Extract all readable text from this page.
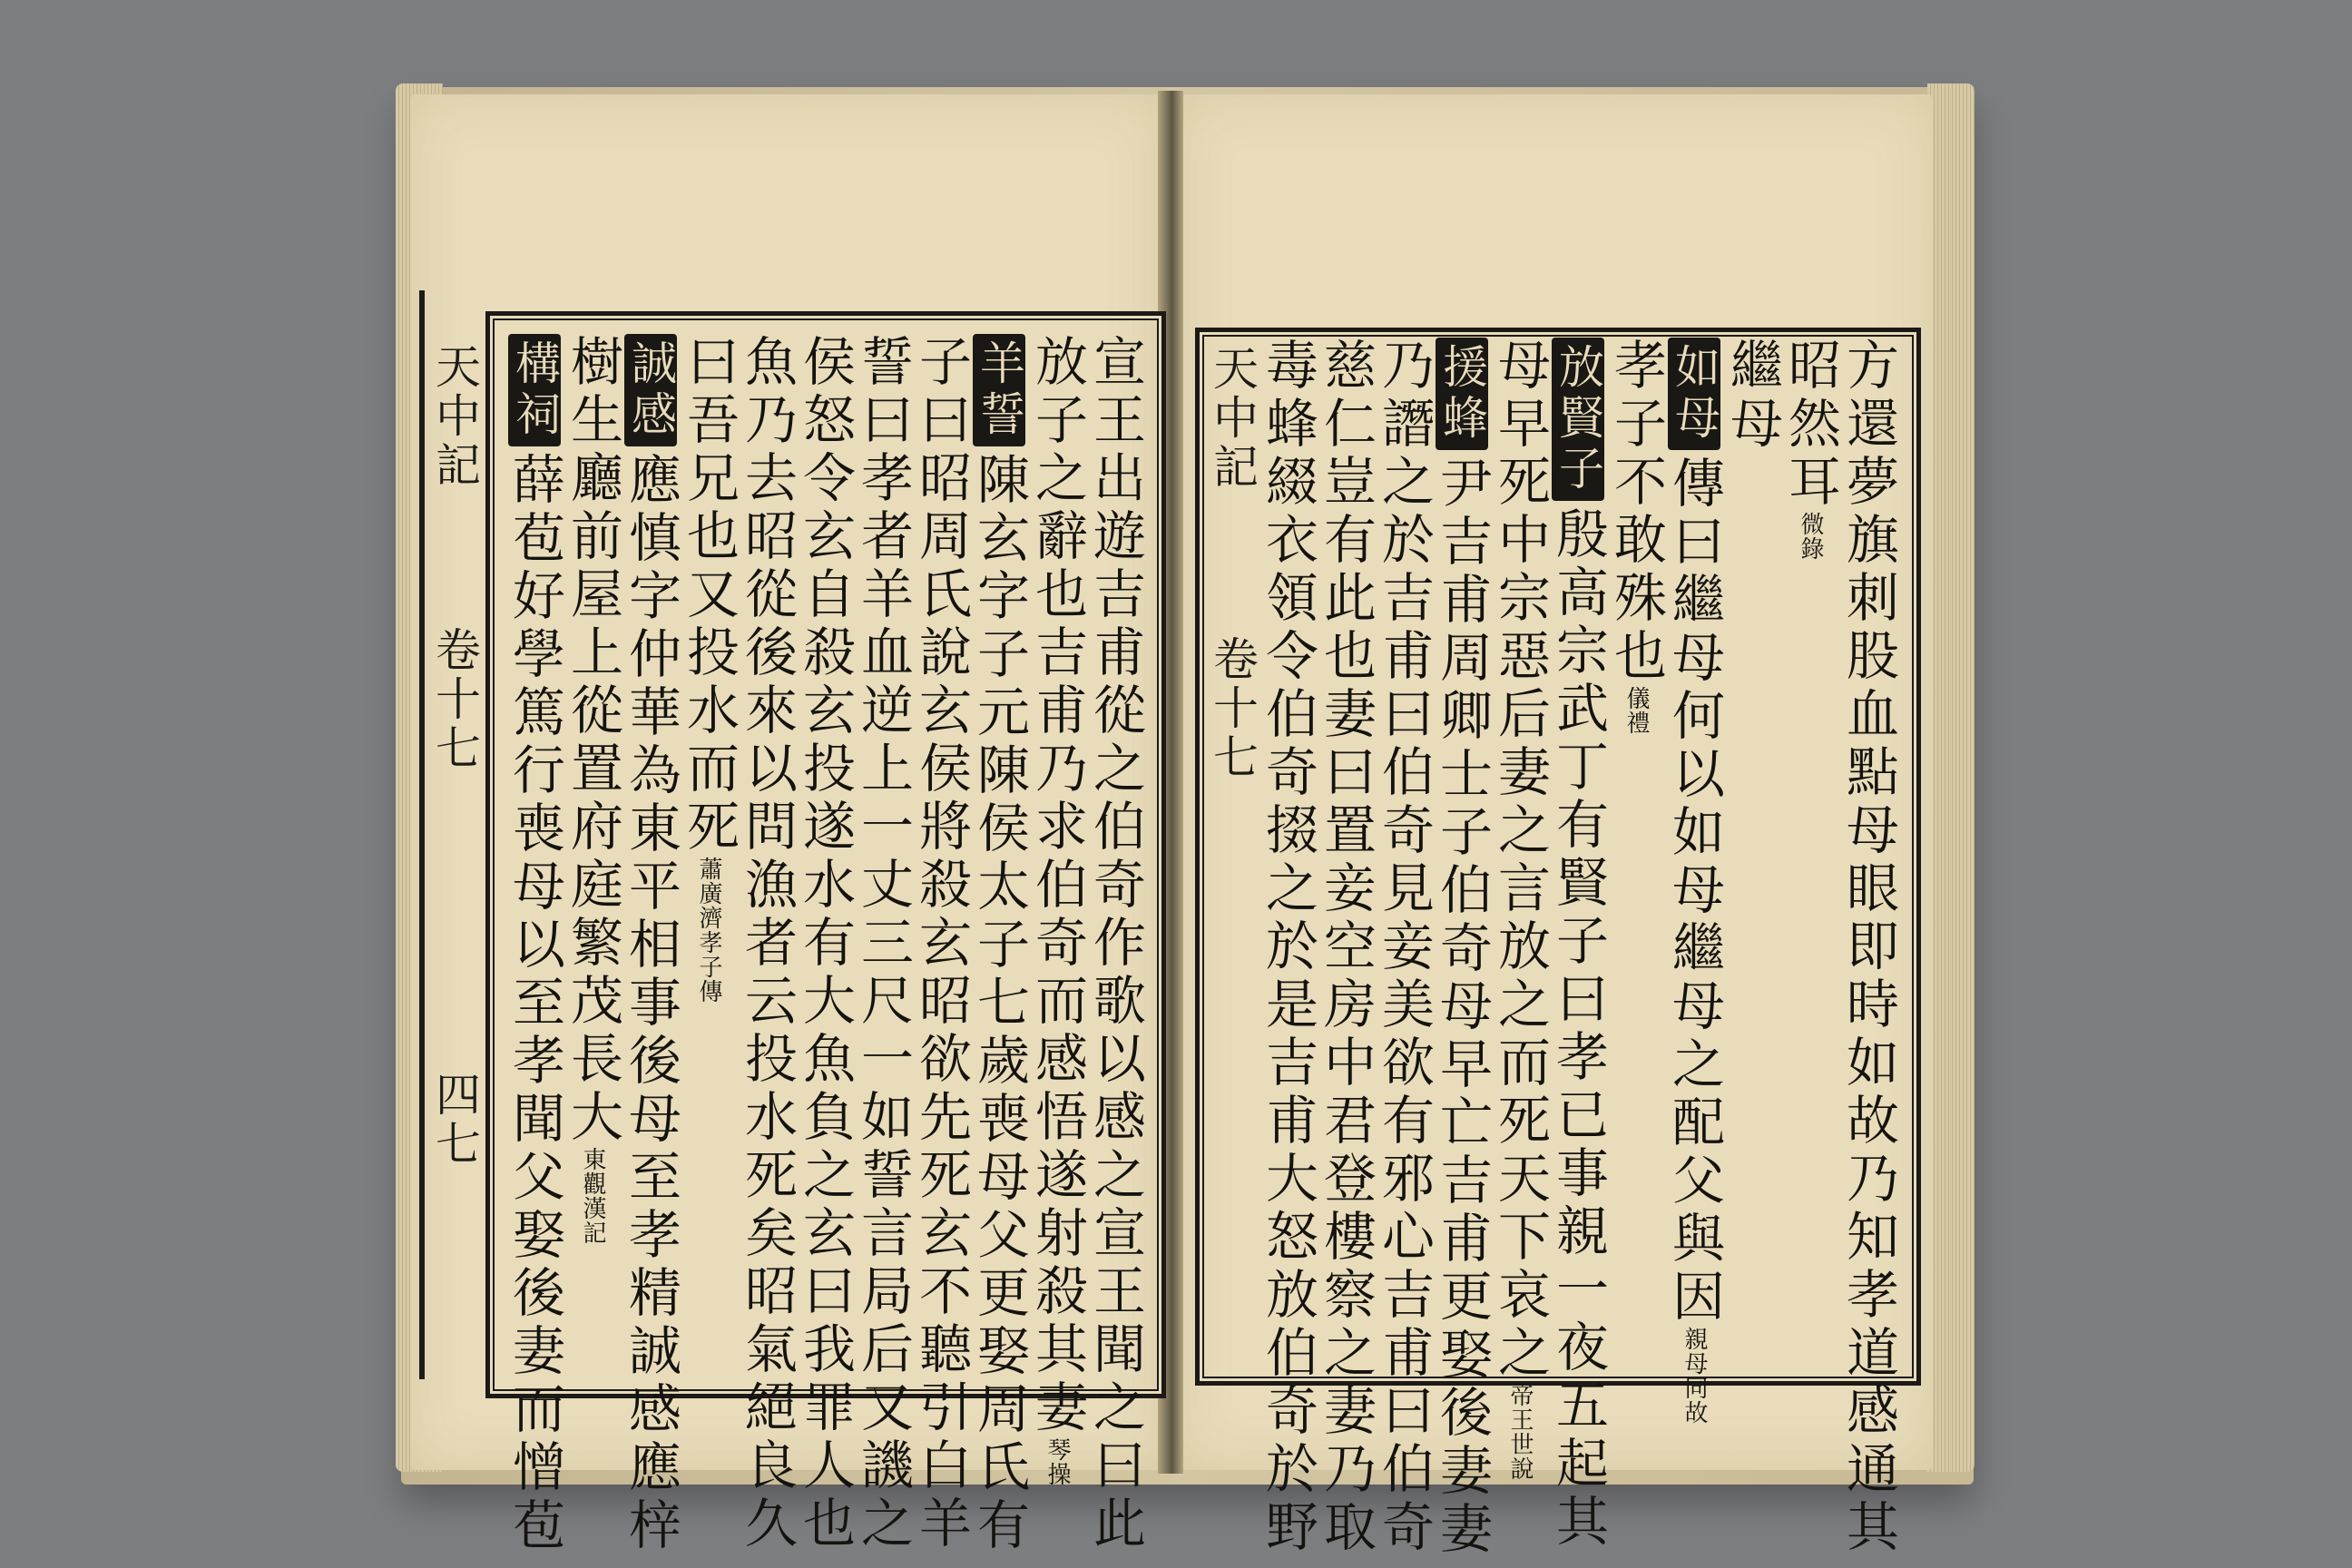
天中記
卷十七
四七
天中記
卷十七
宣王出遊吉甫從之伯奇作歌以感之宣王聞之曰此
放子之辭也吉甫乃求伯奇而感悟遂射殺其妻琴操
羊誓陳玄字子元陳侯太子七歲喪母父更娶周氏有
子曰昭周氏說玄侯將殺玄昭欲先死玄不聽引白羊
誓曰孝者羊血逆上一丈三尺一如誓言局后又譏之
侯怒令玄自殺玄投遂水有大魚負之玄曰我罪人也
魚乃去昭從後來以問漁者云投水死矣昭氣絕良久
曰吾兄也又投水而死蕭廣濟孝子傳
誠感應慎字仲華為東平相事後母至孝精誠感應梓
樹生廳前屋上從置府庭繁茂長大東觀漢記
構祠薛苞好學篤行喪母以至孝聞父娶後妻而憎苞	方還夢旗刺股血點母眼即時如故乃知孝道感通其
昭然耳微錄
繼母
如母傳曰繼母何以如母繼母之配父與因親母同故
孝子不敢殊也儀禮
放賢子殷高宗武丁有賢子曰孝已事親一夜五起其
母早死中宗惡后妻之言放之而死天下哀之帝王世說
援蜂尹吉甫周卿士子伯奇母早亡吉甫更娶後妻妻
乃譖之於吉甫曰伯奇見妾美欲有邪心吉甫曰伯奇
慈仁豈有此也妻曰置妾空房中君登樓察之妻乃取
毒蜂綴衣領令伯奇掇之於是吉甫大怒放伯奇於野
